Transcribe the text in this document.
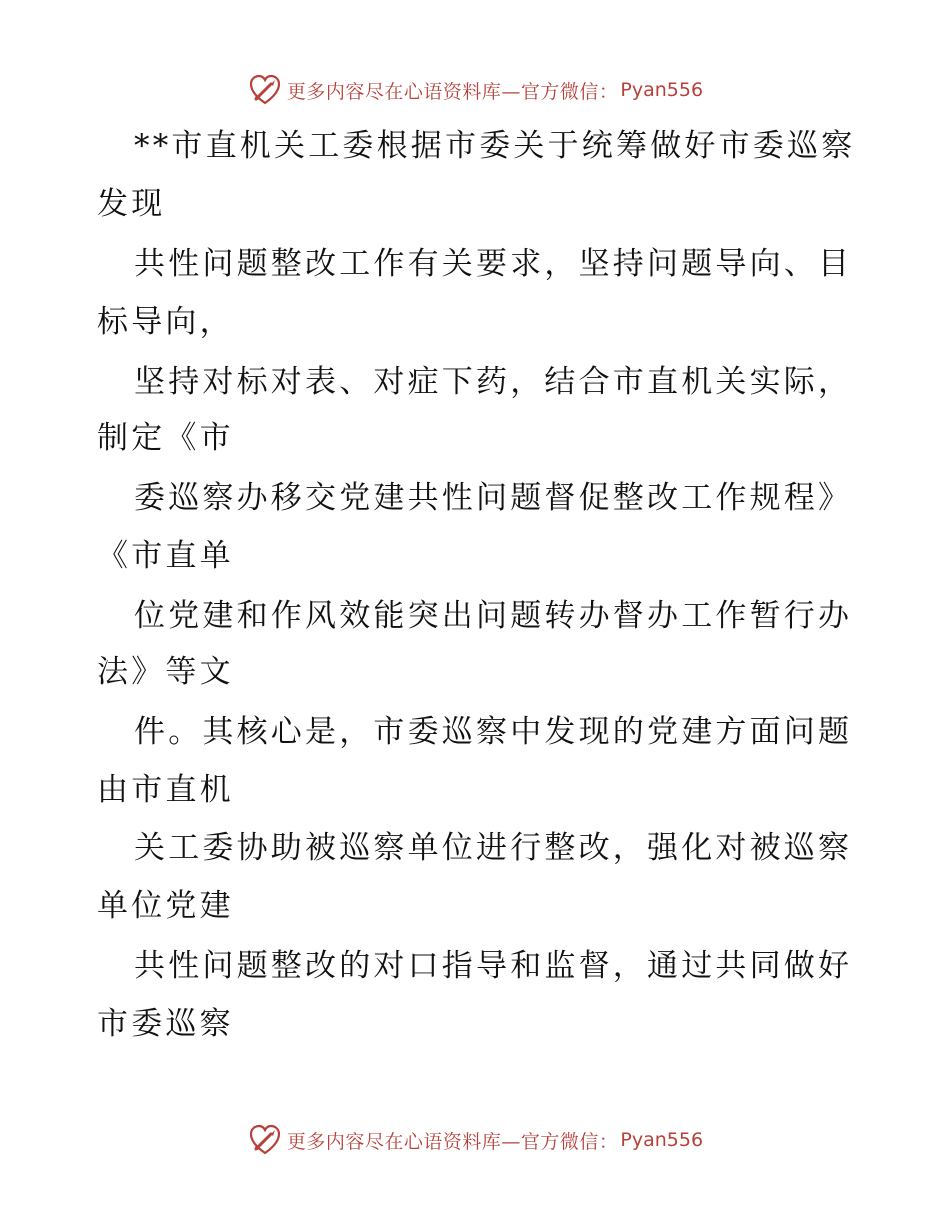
更多内容尽在心语资料库—官方微信： Pyan556
**市直机关工委根据市委关于统筹做好市委巡察
发现
共性问题整改工作有关要求，坚持问题导向、目
标导向，
坚持对标对表、对症下药，结合市直机关实际，
制定《市
委巡察办移交党建共性问题督促整改工作规程》
《市直单
位党建和作风效能突出问题转办督办工作暂行办
法》等文
件。其核心是，市委巡察中发现的党建方面问题
由市直机
关工委协助被巡察单位进行整改，强化对被巡察
单位党建
共性问题整改的对口指导和监督，通过共同做好
市委巡察
更多内容尽在心语资料库—官方微信： Pyan556
